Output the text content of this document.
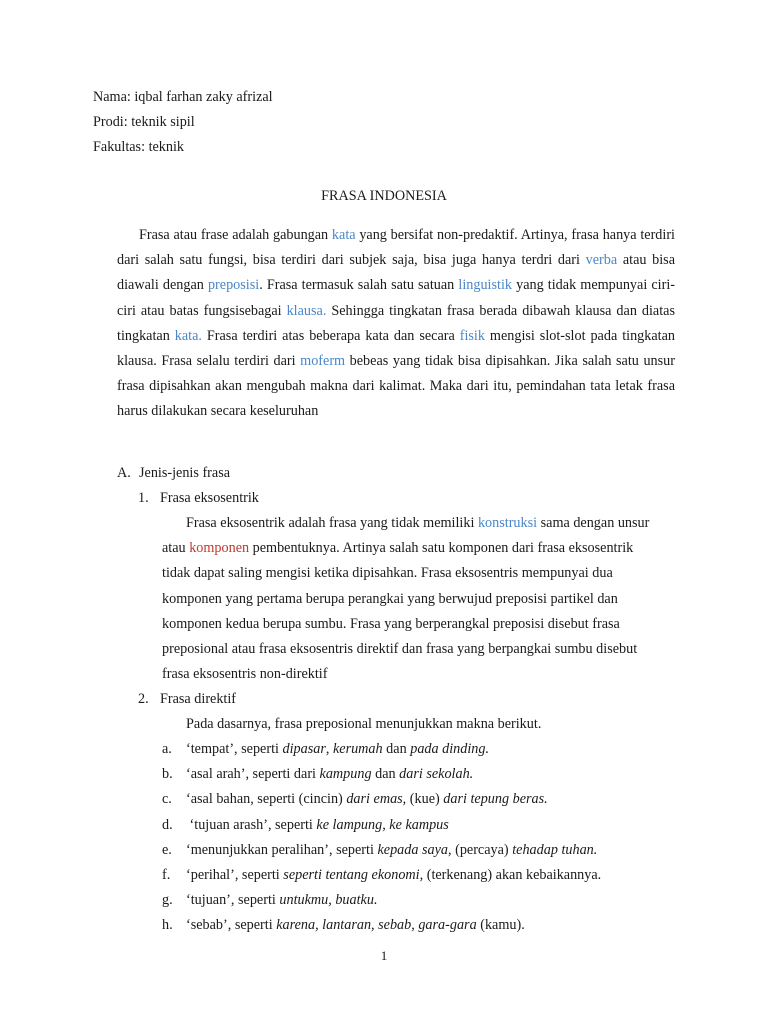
Nama: iqbal farhan zaky afrizal
Prodi: teknik sipil
Fakultas: teknik
FRASA INDONESIA
Frasa atau frase adalah gabungan kata yang bersifat non-predaktif. Artinya, frasa hanya terdiri dari salah satu fungsi, bisa terdiri dari subjek saja, bisa juga hanya terdri dari verba atau bisa diawali dengan preposisi. Frasa termasuk salah satu satuan linguistik yang tidak mempunyai ciri-ciri atau batas fungsisebagai klausa. Sehingga tingkatan frasa berada dibawah klausa dan diatas tingkatan kata. Frasa terdiri atas beberapa kata dan secara fisik mengisi slot-slot pada tingkatan klausa. Frasa selalu terdiri dari moferm bebeas yang tidak bisa dipisahkan. Jika salah satu unsur frasa dipisahkan akan mengubah makna dari kalimat. Maka dari itu, pemindahan tata letak frasa harus dilakukan secara keseluruhan
A. Jenis-jenis frasa
1. Frasa eksosentrik
Frasa eksosentrik adalah frasa yang tidak memiliki konstruksi sama dengan unsur atau komponen pembentuknya. Artinya salah satu komponen dari frasa eksosentrik tidak dapat saling mengisi ketika dipisahkan. Frasa eksosentris mempunyai dua komponen yang pertama berupa perangkai yang berwujud preposisi partikel dan komponen kedua berupa sumbu. Frasa yang berperangkal preposisi disebut frasa preposional atau frasa eksosentris direktif dan frasa yang berpangkai sumbu disebut frasa eksosentris non-direktif
2. Frasa direktif
Pada dasarnya, frasa preposional menunjukkan makna berikut.
a. ‘tempat’, seperti dipasar, kerumah dan pada dinding.
b. ‘asal arah’, seperti dari kampung dan dari sekolah.
c. ‘asal bahan, seperti (cincin) dari emas, (kue) dari tepung beras.
d. ‘tujuan arash’, seperti ke lampung, ke kampus
e. ‘menunjukkan peralihan’, seperti kepada saya, (percaya) tehadap tuhan.
f. ‘perihal’, seperti seperti tentang ekonomi, (terkenang) akan kebaikannya.
g. ‘tujuan’, seperti untukmu, buatku.
h. ‘sebab’, seperti karena, lantaran, sebab, gara-gara (kamu).
1
